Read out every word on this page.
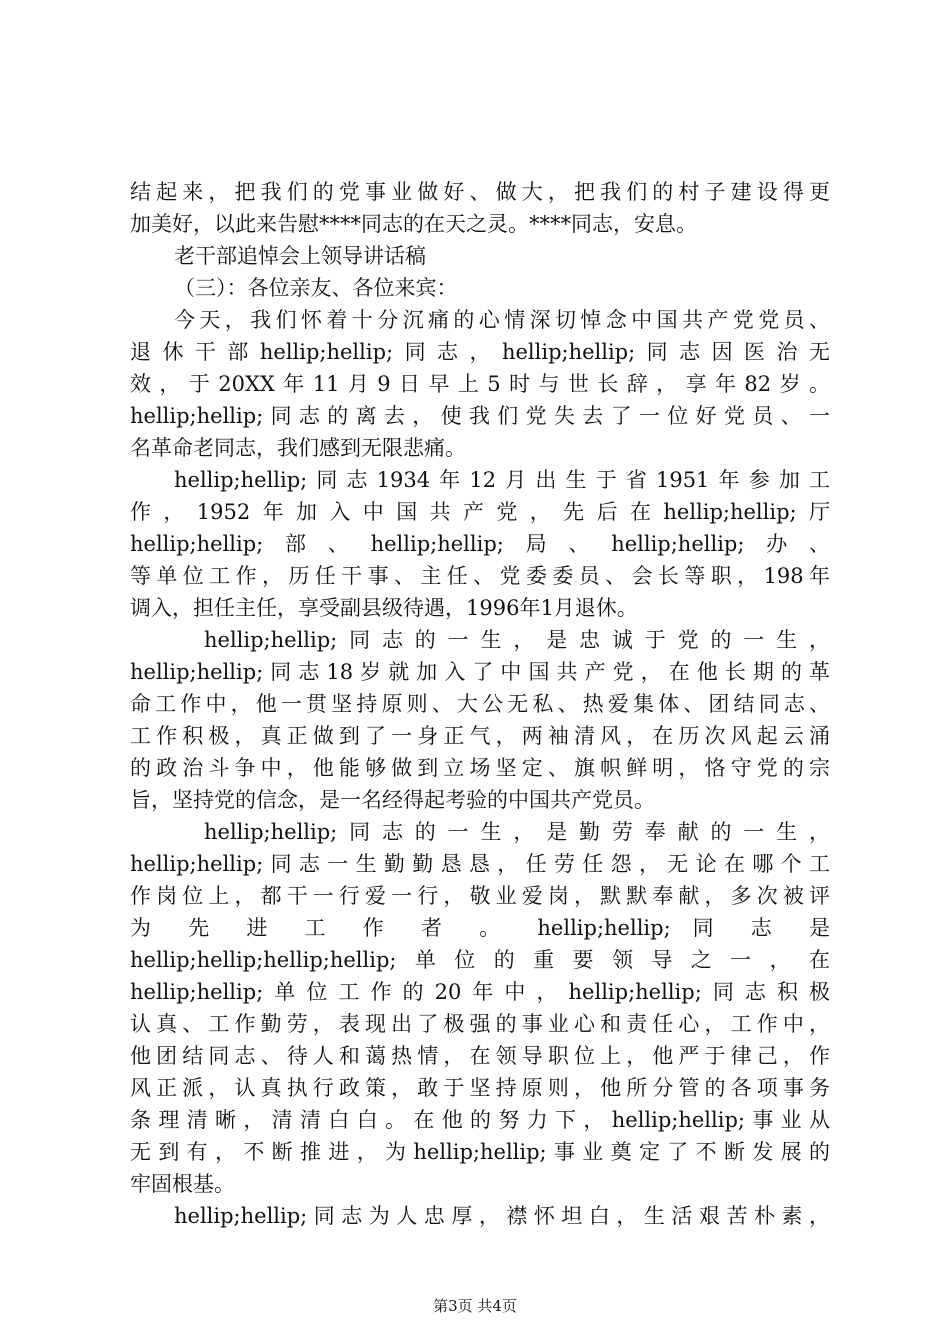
结起来，把我们的党事业做好、做大，把我们的村子建设得更
加美好，以此来告慰****同志的在天之灵。****同志，安息。
老干部追悼会上领导讲话稿
（三）：各位亲友、各位来宾：
今天，我们怀着十分沉痛的心情深切悼念中国共产党党员、
退休干部hellip;hellip;同志，hellip;hellip;同志因医治无
效，于20XX年11月9日早上5时与世长辞，享年82岁。
hellip;hellip;同志的离去，使我们党失去了一位好党员、一
名革命老同志，我们感到无限悲痛。
hellip;hellip;同志1934年12月出生于省1951年参加工
作，1952年加入中国共产党，先后在hellip;hellip;厅
hellip;hellip;部、hellip;hellip;局、hellip;hellip;办、
等单位工作，历任干事、主任、党委委员、会长等职，198年
调入，担任主任，享受副县级待遇，1996年1月退休。
hellip;hellip;同志的一生，是忠诚于党的一生，
hellip;hellip;同志18岁就加入了中国共产党，在他长期的革
命工作中，他一贯坚持原则、大公无私、热爱集体、团结同志、
工作积极，真正做到了一身正气，两袖清风，在历次风起云涌
的政治斗争中，他能够做到立场坚定、旗帜鲜明，恪守党的宗
旨，坚持党的信念，是一名经得起考验的中国共产党员。
hellip;hellip;同志的一生，是勤劳奉献的一生，
hellip;hellip;同志一生勤勤恳恳，任劳任怨，无论在哪个工
作岗位上，都干一行爱一行，敬业爱岗，默默奉献，多次被评
为 先 进 工 作 者 。 hellip;hellip; 同 志 是
hellip;hellip;hellip;hellip;单位的重要领导之一，在
hellip;hellip;单位工作的20年中，hellip;hellip;同志积极
认真、工作勤劳，表现出了极强的事业心和责任心，工作中，
他团结同志、待人和蔼热情，在领导职位上，他严于律己，作
风正派，认真执行政策，敢于坚持原则，他所分管的各项事务
条理清晰，清清白白。在他的努力下，hellip;hellip;事业从
无到有，不断推进，为hellip;hellip;事业奠定了不断发展的
牢固根基。
hellip;hellip;同志为人忠厚，襟怀坦白，生活艰苦朴素，
第3页 共4页
